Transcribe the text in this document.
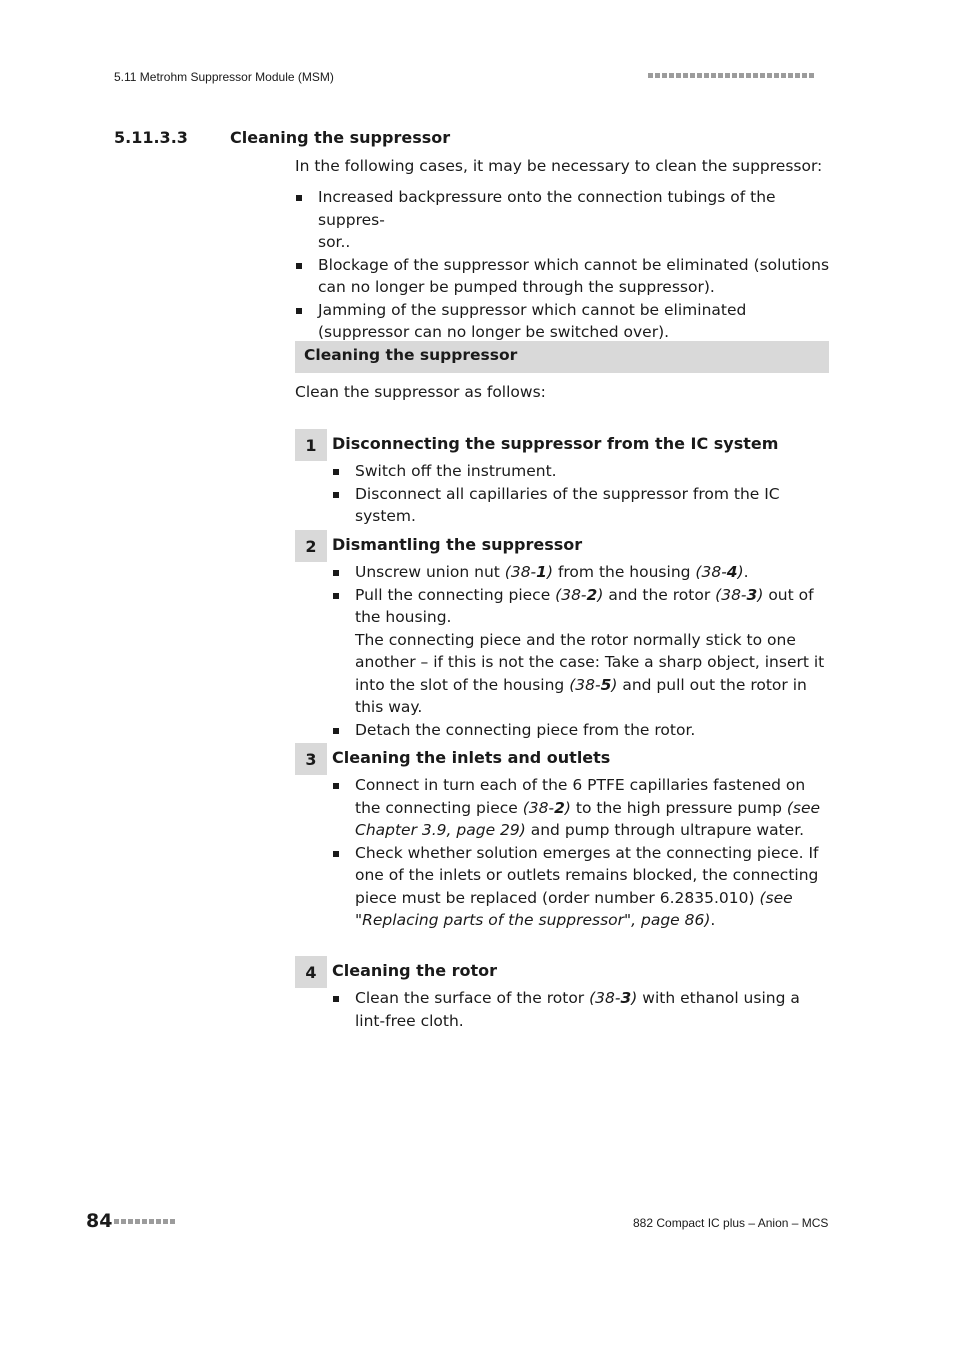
5.11 Metrohm Suppressor Module (MSM)
5.11.3.3	Cleaning the suppressor
In the following cases, it may be necessary to clean the suppressor:
Increased backpressure onto the connection tubings of the suppres-
sor..
Blockage of the suppressor which cannot be eliminated (solutions can no longer be pumped through the suppressor).
Jamming of the suppressor which cannot be eliminated (suppressor can no longer be switched over).
Cleaning the suppressor
Clean the suppressor as follows:
1 Disconnecting the suppressor from the IC system
Switch off the instrument.
Disconnect all capillaries of the suppressor from the IC system.
2 Dismantling the suppressor
Unscrew union nut (38-1) from the housing (38-4).
Pull the connecting piece (38-2) and the rotor (38-3) out of the housing.
The connecting piece and the rotor normally stick to one another – if this is not the case: Take a sharp object, insert it into the slot of the housing (38-5) and pull out the rotor in this way.
Detach the connecting piece from the rotor.
3 Cleaning the inlets and outlets
Connect in turn each of the 6 PTFE capillaries fastened on the connecting piece (38-2) to the high pressure pump (see Chapter 3.9, page 29) and pump through ultrapure water.
Check whether solution emerges at the connecting piece. If one of the inlets or outlets remains blocked, the connecting piece must be replaced (order number 6.2835.010) (see "Replacing parts of the suppressor", page 86).
4 Cleaning the rotor
Clean the surface of the rotor (38-3) with ethanol using a lint-free cloth.
84	882 Compact IC plus – Anion – MCS
